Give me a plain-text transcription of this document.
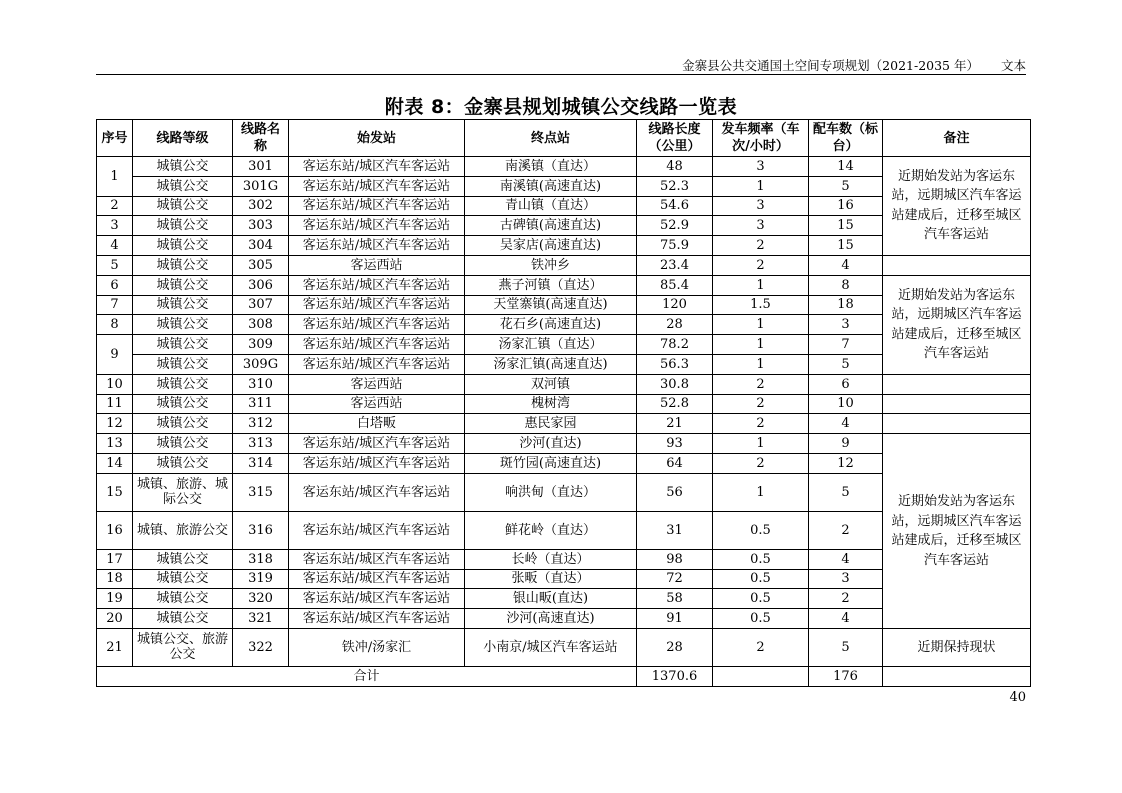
金寨县公共交通国土空间专项规划（2021-2035 年） 文本
附表 8：金寨县规划城镇公交线路一览表
序号	线路等级	线路名称	始发站	终点站	线路长度（公里）	发车频率（车次/小时）	配车数（标台）	备注
1	城镇公交	301	客运东站/城区汽车客运站	南溪镇（直达）	48	3	14	近期始发站为客运东站，远期城区汽车客运站建成后，迁移至城区汽车客运站
	城镇公交	301G	客运东站/城区汽车客运站	南溪镇(高速直达)	52.3	1	5	
2	城镇公交	302	客运东站/城区汽车客运站	青山镇（直达）	54.6	3	16	
3	城镇公交	303	客运东站/城区汽车客运站	古碑镇(高速直达)	52.9	3	15	
4	城镇公交	304	客运东站/城区汽车客运站	吴家店(高速直达)	75.9	2	15	
5	城镇公交	305	客运西站	铁冲乡	23.4	2	4	
6	城镇公交	306	客运东站/城区汽车客运站	燕子河镇（直达）	85.4	1	8	近期始发站为客运东站，远期城区汽车客运站建成后，迁移至城区汽车客运站
7	城镇公交	307	客运东站/城区汽车客运站	天堂寨镇(高速直达)	120	1.5	18	
8	城镇公交	308	客运东站/城区汽车客运站	花石乡(高速直达)	28	1	3	
9	城镇公交	309	客运东站/城区汽车客运站	汤家汇镇（直达）	78.2	1	7	
	城镇公交	309G	客运东站/城区汽车客运站	汤家汇镇(高速直达)	56.3	1	5	
10	城镇公交	310	客运西站	双河镇	30.8	2	6	
11	城镇公交	311	客运西站	槐树湾	52.8	2	10	
12	城镇公交	312	白塔畈	惠民家园	21	2	4	
13	城镇公交	313	客运东站/城区汽车客运站	沙河(直达)	93	1	9	近期始发站为客运东站，远期城区汽车客运站建成后，迁移至城区汽车客运站
14	城镇公交	314	客运东站/城区汽车客运站	斑竹园(高速直达)	64	2	12	
15	城镇、旅游、城际公交	315	客运东站/城区汽车客运站	响洪甸（直达）	56	1	5	
16	城镇、旅游公交	316	客运东站/城区汽车客运站	鲜花岭（直达）	31	0.5	2	
17	城镇公交	318	客运东站/城区汽车客运站	长岭（直达）	98	0.5	4	
18	城镇公交	319	客运东站/城区汽车客运站	张畈（直达）	72	0.5	3	
19	城镇公交	320	客运东站/城区汽车客运站	银山畈(直达)	58	0.5	2	
20	城镇公交	321	客运东站/城区汽车客运站	沙河(高速直达)	91	0.5	4	
21	城镇公交、旅游公交	322	铁冲/汤家汇	小南京/城区汽车客运站	28	2	5	近期保持现状
合计					1370.6		176	
40
